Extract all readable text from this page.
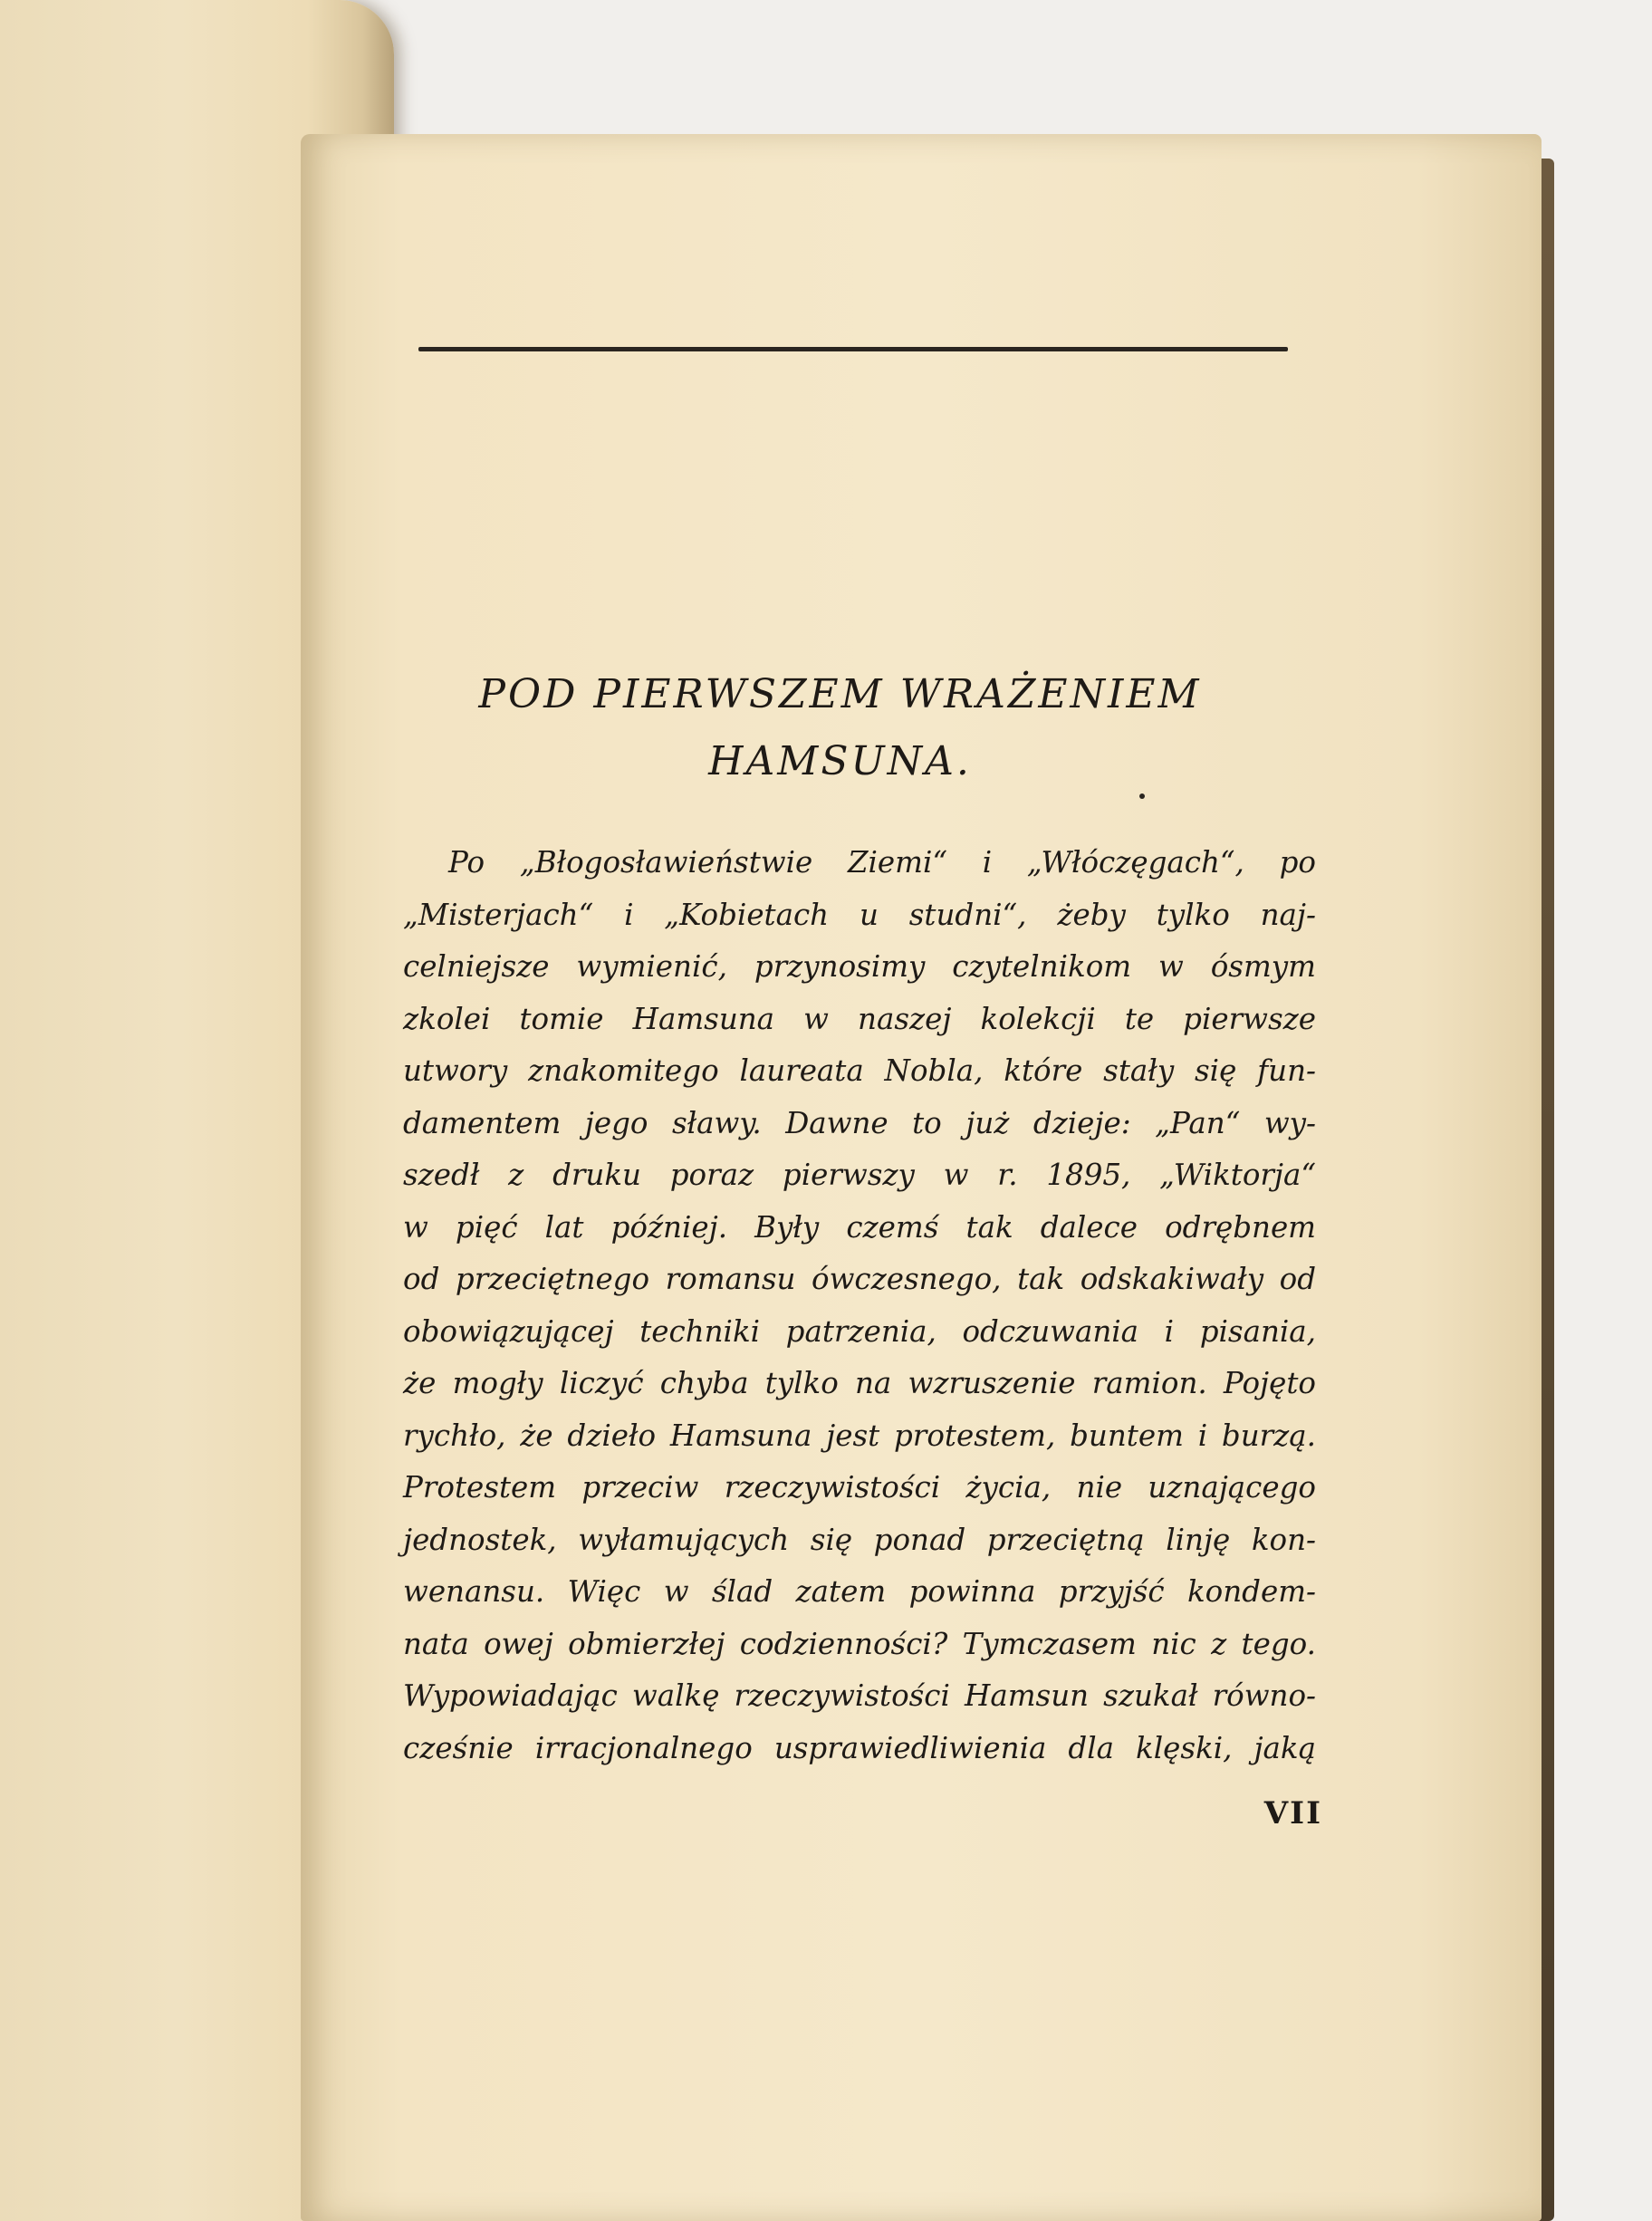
POD PIERWSZEM WRAŻENIEM
HAMSUNA.
Po „Błogosławieństwie Ziemi“ i „Włóczęgach“, po
„Misterjach“ i „Kobietach u studni“, żeby tylko naj-
celniejsze wymienić, przynosimy czytelnikom w ósmym
zkolei tomie Hamsuna w naszej kolekcji te pierwsze
utwory znakomitego laureata Nobla, które stały się fun-
damentem jego sławy. Dawne to już dzieje: „Pan“ wy-
szedł z druku poraz pierwszy w r. 1895, „Wiktorja“
w pięć lat później. Były czemś tak dalece odrębnem
od przeciętnego romansu ówczesnego, tak odskakiwały od
obowiązującej techniki patrzenia, odczuwania i pisania,
że mogły liczyć chyba tylko na wzruszenie ramion. Pojęto
rychło, że dzieło Hamsuna jest protestem, buntem i burzą.
Protestem przeciw rzeczywistości życia, nie uznającego
jednostek, wyłamujących się ponad przeciętną linję kon-
wenansu. Więc w ślad zatem powinna przyjść kondem-
nata owej obmierzłej codzienności? Tymczasem nic z tego.
Wypowiadając walkę rzeczywistości Hamsun szukał równo-
cześnie irracjonalnego usprawiedliwienia dla klęski, jaką
VII
